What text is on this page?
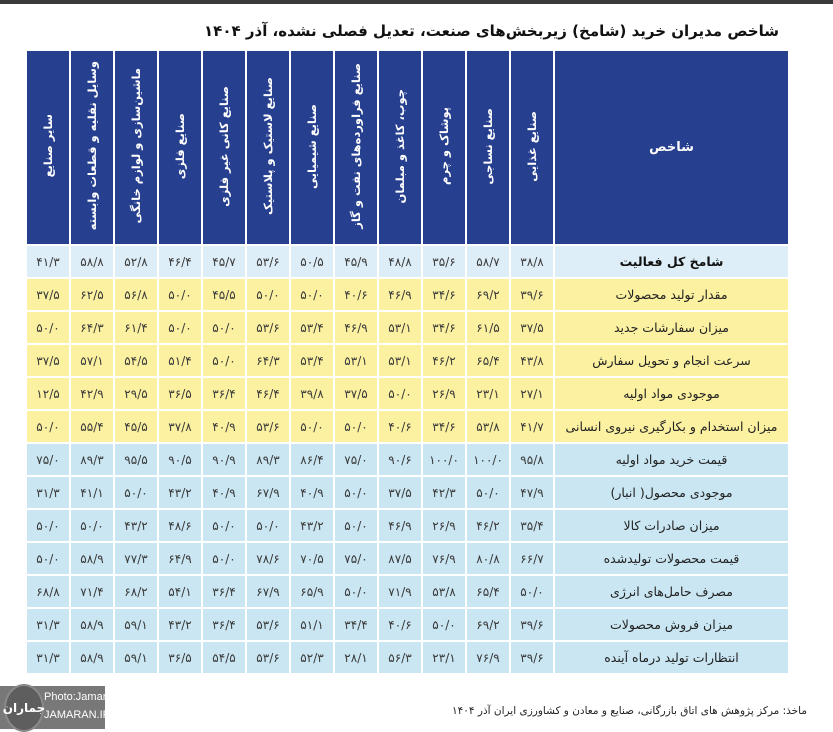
شاخص مدیران خرید (شامخ) زیربخش‌های صنعت، تعدیل فصلی نشده، آذر ۱۴۰۴
شاخص	صنایع غذایی	صنایع نساجی	پوشاک و چرم	چوب، کاغذ و مبلمان	صنایع فراورده‌های نفت و گاز	صنایع شیمیایی	صنایع لاستیک و پلاستیک	صنایع کانی غیر فلزی	صنایع فلزی	ماشین‌سازی و لوازم خانگی	وسایل نقلیه و قطعات وابسته	سایر صنایع
شامخ کل فعالیت	۳۸/۸	۵۸/۷	۳۵/۶	۴۸/۸	۴۵/۹	۵۰/۵	۵۳/۶	۴۵/۷	۴۶/۴	۵۲/۸	۵۸/۸	۴۱/۳
مقدار تولید محصولات	۳۹/۶	۶۹/۲	۳۴/۶	۴۶/۹	۴۰/۶	۵۰/۰	۵۰/۰	۴۵/۵	۵۰/۰	۵۶/۸	۶۲/۵	۳۷/۵
میزان سفارشات جدید	۳۷/۵	۶۱/۵	۳۴/۶	۵۳/۱	۴۶/۹	۵۳/۴	۵۳/۶	۵۰/۰	۵۰/۰	۶۱/۴	۶۴/۳	۵۰/۰
سرعت انجام و تحویل سفارش	۴۳/۸	۶۵/۴	۴۶/۲	۵۳/۱	۵۳/۱	۵۳/۴	۶۴/۳	۵۰/۰	۵۱/۴	۵۴/۵	۵۷/۱	۳۷/۵
موجودی مواد اولیه	۲۷/۱	۲۳/۱	۲۶/۹	۵۰/۰	۳۷/۵	۳۹/۸	۴۶/۴	۳۶/۴	۳۶/۵	۲۹/۵	۴۲/۹	۱۲/۵
میزان استخدام و بکارگیری نیروی انسانی	۴۱/۷	۵۳/۸	۳۴/۶	۴۰/۶	۵۰/۰	۵۰/۰	۵۳/۶	۴۰/۹	۳۷/۸	۴۵/۵	۵۵/۴	۵۰/۰
قیمت خرید مواد اولیه	۹۵/۸	۱۰۰/۰	۱۰۰/۰	۹۰/۶	۷۵/۰	۸۶/۴	۸۹/۳	۹۰/۹	۹۰/۵	۹۵/۵	۸۹/۳	۷۵/۰
موجودی محصول( انبار)	۴۷/۹	۵۰/۰	۴۲/۳	۳۷/۵	۵۰/۰	۴۰/۹	۶۷/۹	۴۰/۹	۴۳/۲	۵۰/۰	۴۱/۱	۳۱/۳
میزان صادرات کالا	۳۵/۴	۴۶/۲	۲۶/۹	۴۶/۹	۵۰/۰	۴۳/۲	۵۰/۰	۵۰/۰	۴۸/۶	۴۳/۲	۵۰/۰	۵۰/۰
قیمت محصولات تولیدشده	۶۶/۷	۸۰/۸	۷۶/۹	۸۷/۵	۷۵/۰	۷۰/۵	۷۸/۶	۵۰/۰	۶۴/۹	۷۷/۳	۵۸/۹	۵۰/۰
مصرف حامل‌های انرژی	۵۰/۰	۶۵/۴	۵۳/۸	۷۱/۹	۵۰/۰	۶۵/۹	۶۷/۹	۳۶/۴	۵۴/۱	۶۸/۲	۷۱/۴	۶۸/۸
میزان فروش محصولات	۳۹/۶	۶۹/۲	۵۰/۰	۴۰/۶	۳۴/۴	۵۱/۱	۵۳/۶	۳۶/۴	۴۳/۲	۵۹/۱	۵۸/۹	۳۱/۳
انتظارات تولید درماه آینده	۳۹/۶	۷۶/۹	۲۳/۱	۵۶/۳	۲۸/۱	۵۲/۳	۵۳/۶	۵۴/۵	۳۶/۵	۵۹/۱	۵۸/۹	۳۱/۳
ماخذ: مرکز پژوهش های اتاق بازرگانی، صنایع و معادن و کشاورزی ایران آذر ۱۴۰۴
جماران
Photo:Jamaran
JAMARAN.IR
